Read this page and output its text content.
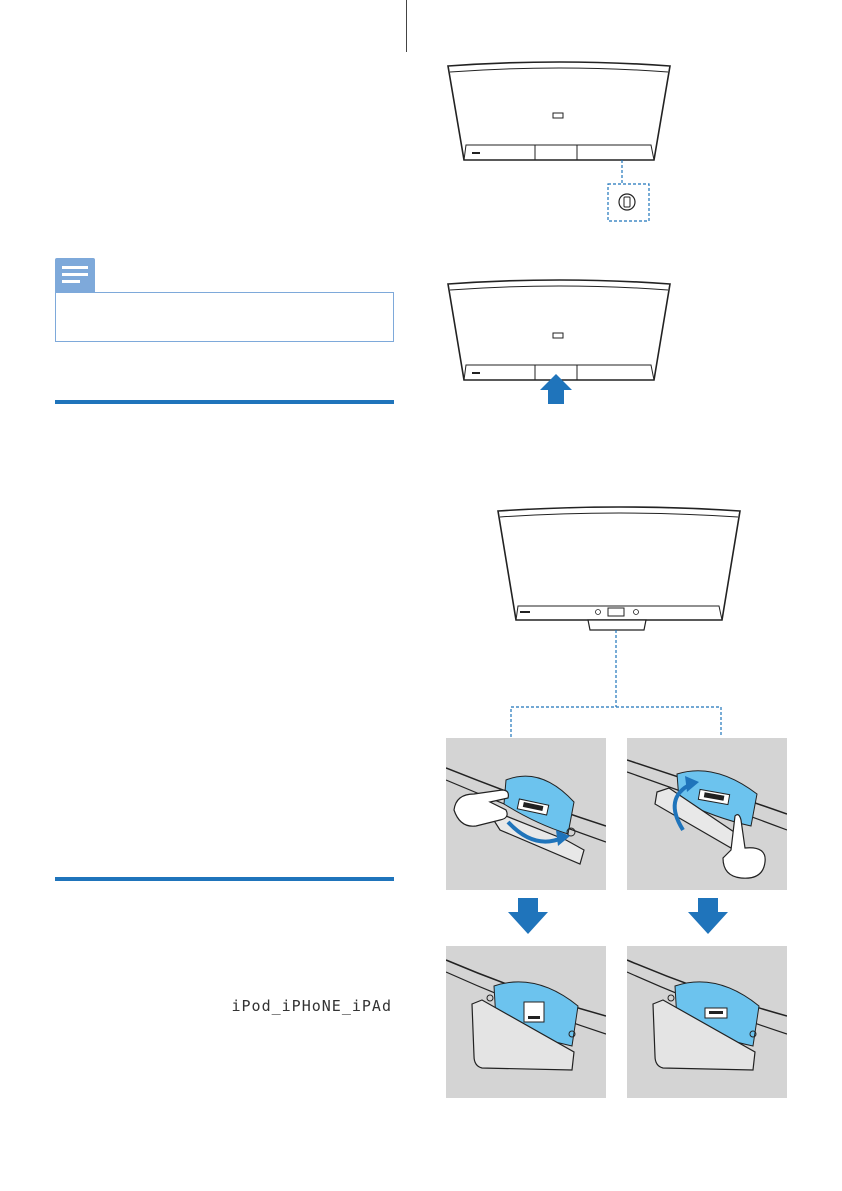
iPod_iPHoNE_iPAd
